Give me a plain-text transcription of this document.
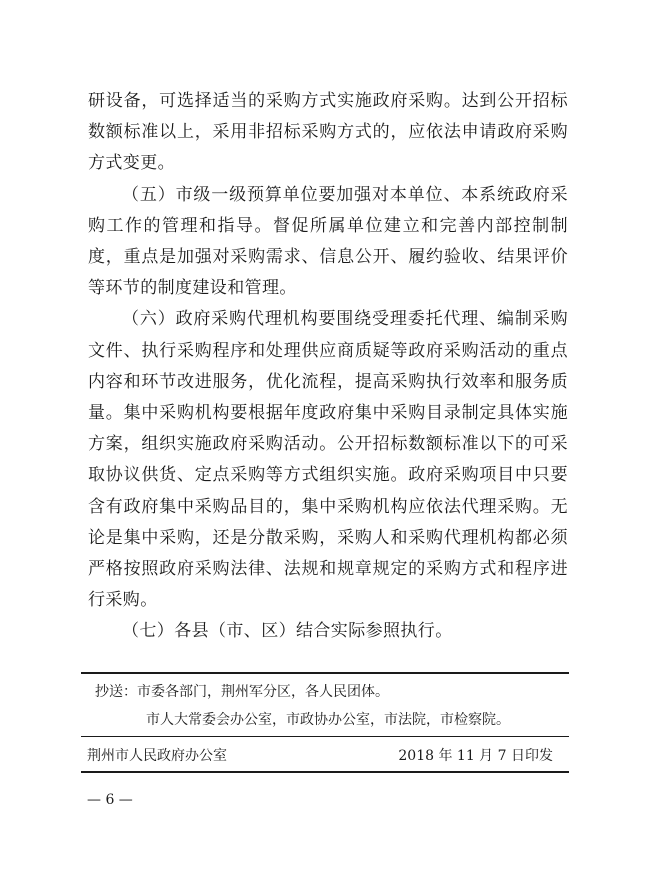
研设备，可选择适当的采购方式实施政府采购。达到公开招标数额标准以上，采用非招标采购方式的，应依法申请政府采购方式变更。

（五）市级一级预算单位要加强对本单位、本系统政府采购工作的管理和指导。督促所属单位建立和完善内部控制制度，重点是加强对采购需求、信息公开、履约验收、结果评价等环节的制度建设和管理。

（六）政府采购代理机构要围绕受理委托代理、编制采购文件、执行采购程序和处理供应商质疑等政府采购活动的重点内容和环节改进服务，优化流程，提高采购执行效率和服务质量。集中采购机构要根据年度政府集中采购目录制定具体实施方案，组织实施政府采购活动。公开招标数额标准以下的可采取协议供货、定点采购等方式组织实施。政府采购项目中只要含有政府集中采购品目的，集中采购机构应依法代理采购。无论是集中采购，还是分散采购，采购人和采购代理机构都必须严格按照政府采购法律、法规和规章规定的采购方式和程序进行采购。

（七）各县（市、区）结合实际参照执行。

抄送：市委各部门，荆州军分区，各人民团体。
市人大常委会办公室，市政协办公室，市法院，市检察院。
荆州市人民政府办公室	2018 年 11 月 7 日印发
— 6 —
